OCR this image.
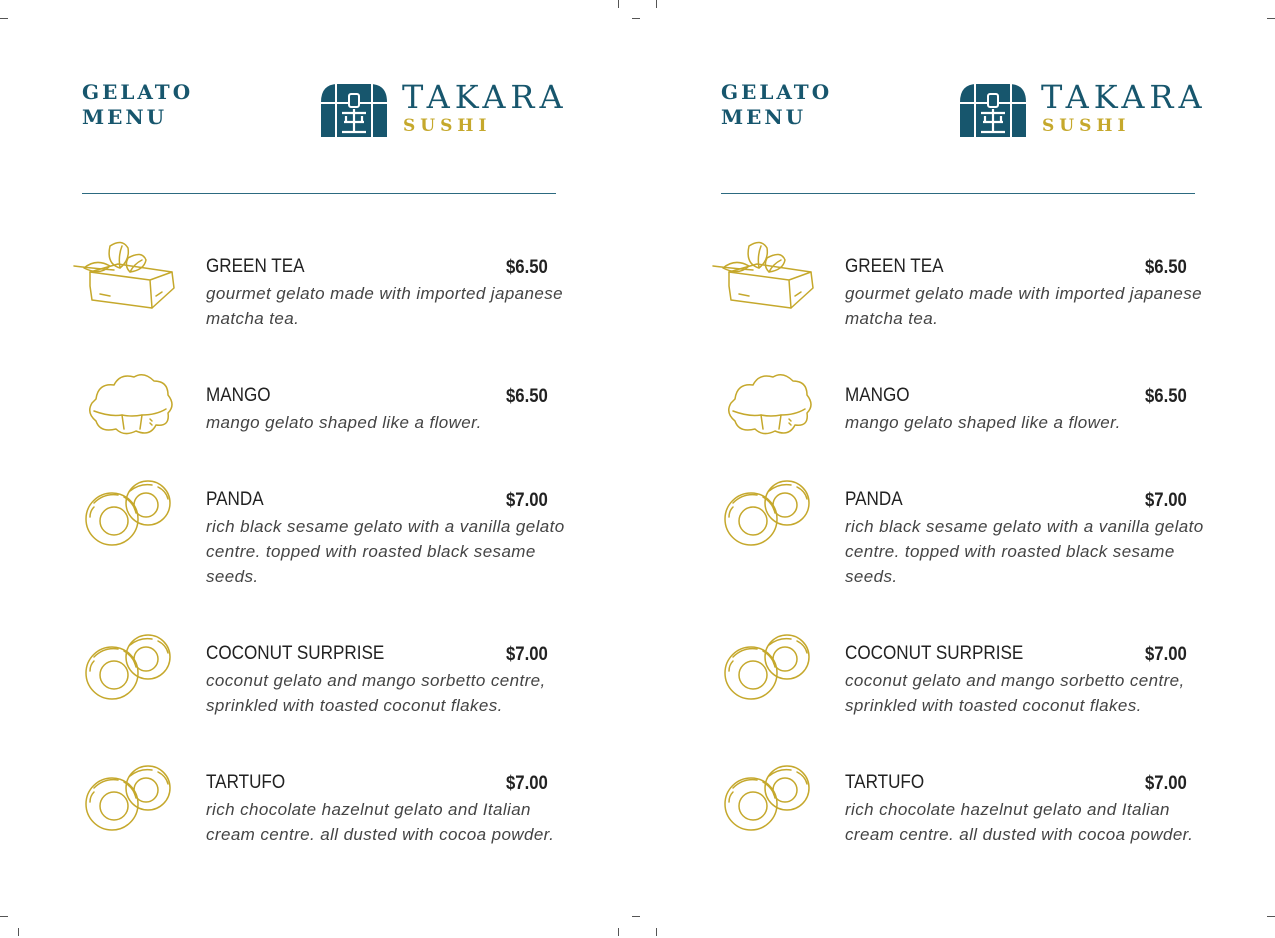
GELATO
MENU
TAKARA
SUSHI
GREEN TEA	$6.50
gourmet gelato made with imported japanese matcha tea.
MANGO	$6.50
mango gelato shaped like a flower.
PANDA	$7.00
rich black sesame gelato with a vanilla gelato centre. topped with roasted black sesame seeds.
COCONUT SURPRISE	$7.00
coconut gelato and mango sorbetto centre, sprinkled with toasted coconut flakes.
TARTUFO	$7.00
rich chocolate hazelnut gelato and Italian cream centre. all dusted with cocoa powder.
GELATO
MENU
TAKARA
SUSHI
GREEN TEA	$6.50
gourmet gelato made with imported japanese matcha tea.
MANGO	$6.50
mango gelato shaped like a flower.
PANDA	$7.00
rich black sesame gelato with a vanilla gelato centre. topped with roasted black sesame seeds.
COCONUT SURPRISE	$7.00
coconut gelato and mango sorbetto centre, sprinkled with toasted coconut flakes.
TARTUFO	$7.00
rich chocolate hazelnut gelato and Italian cream centre. all dusted with cocoa powder.
